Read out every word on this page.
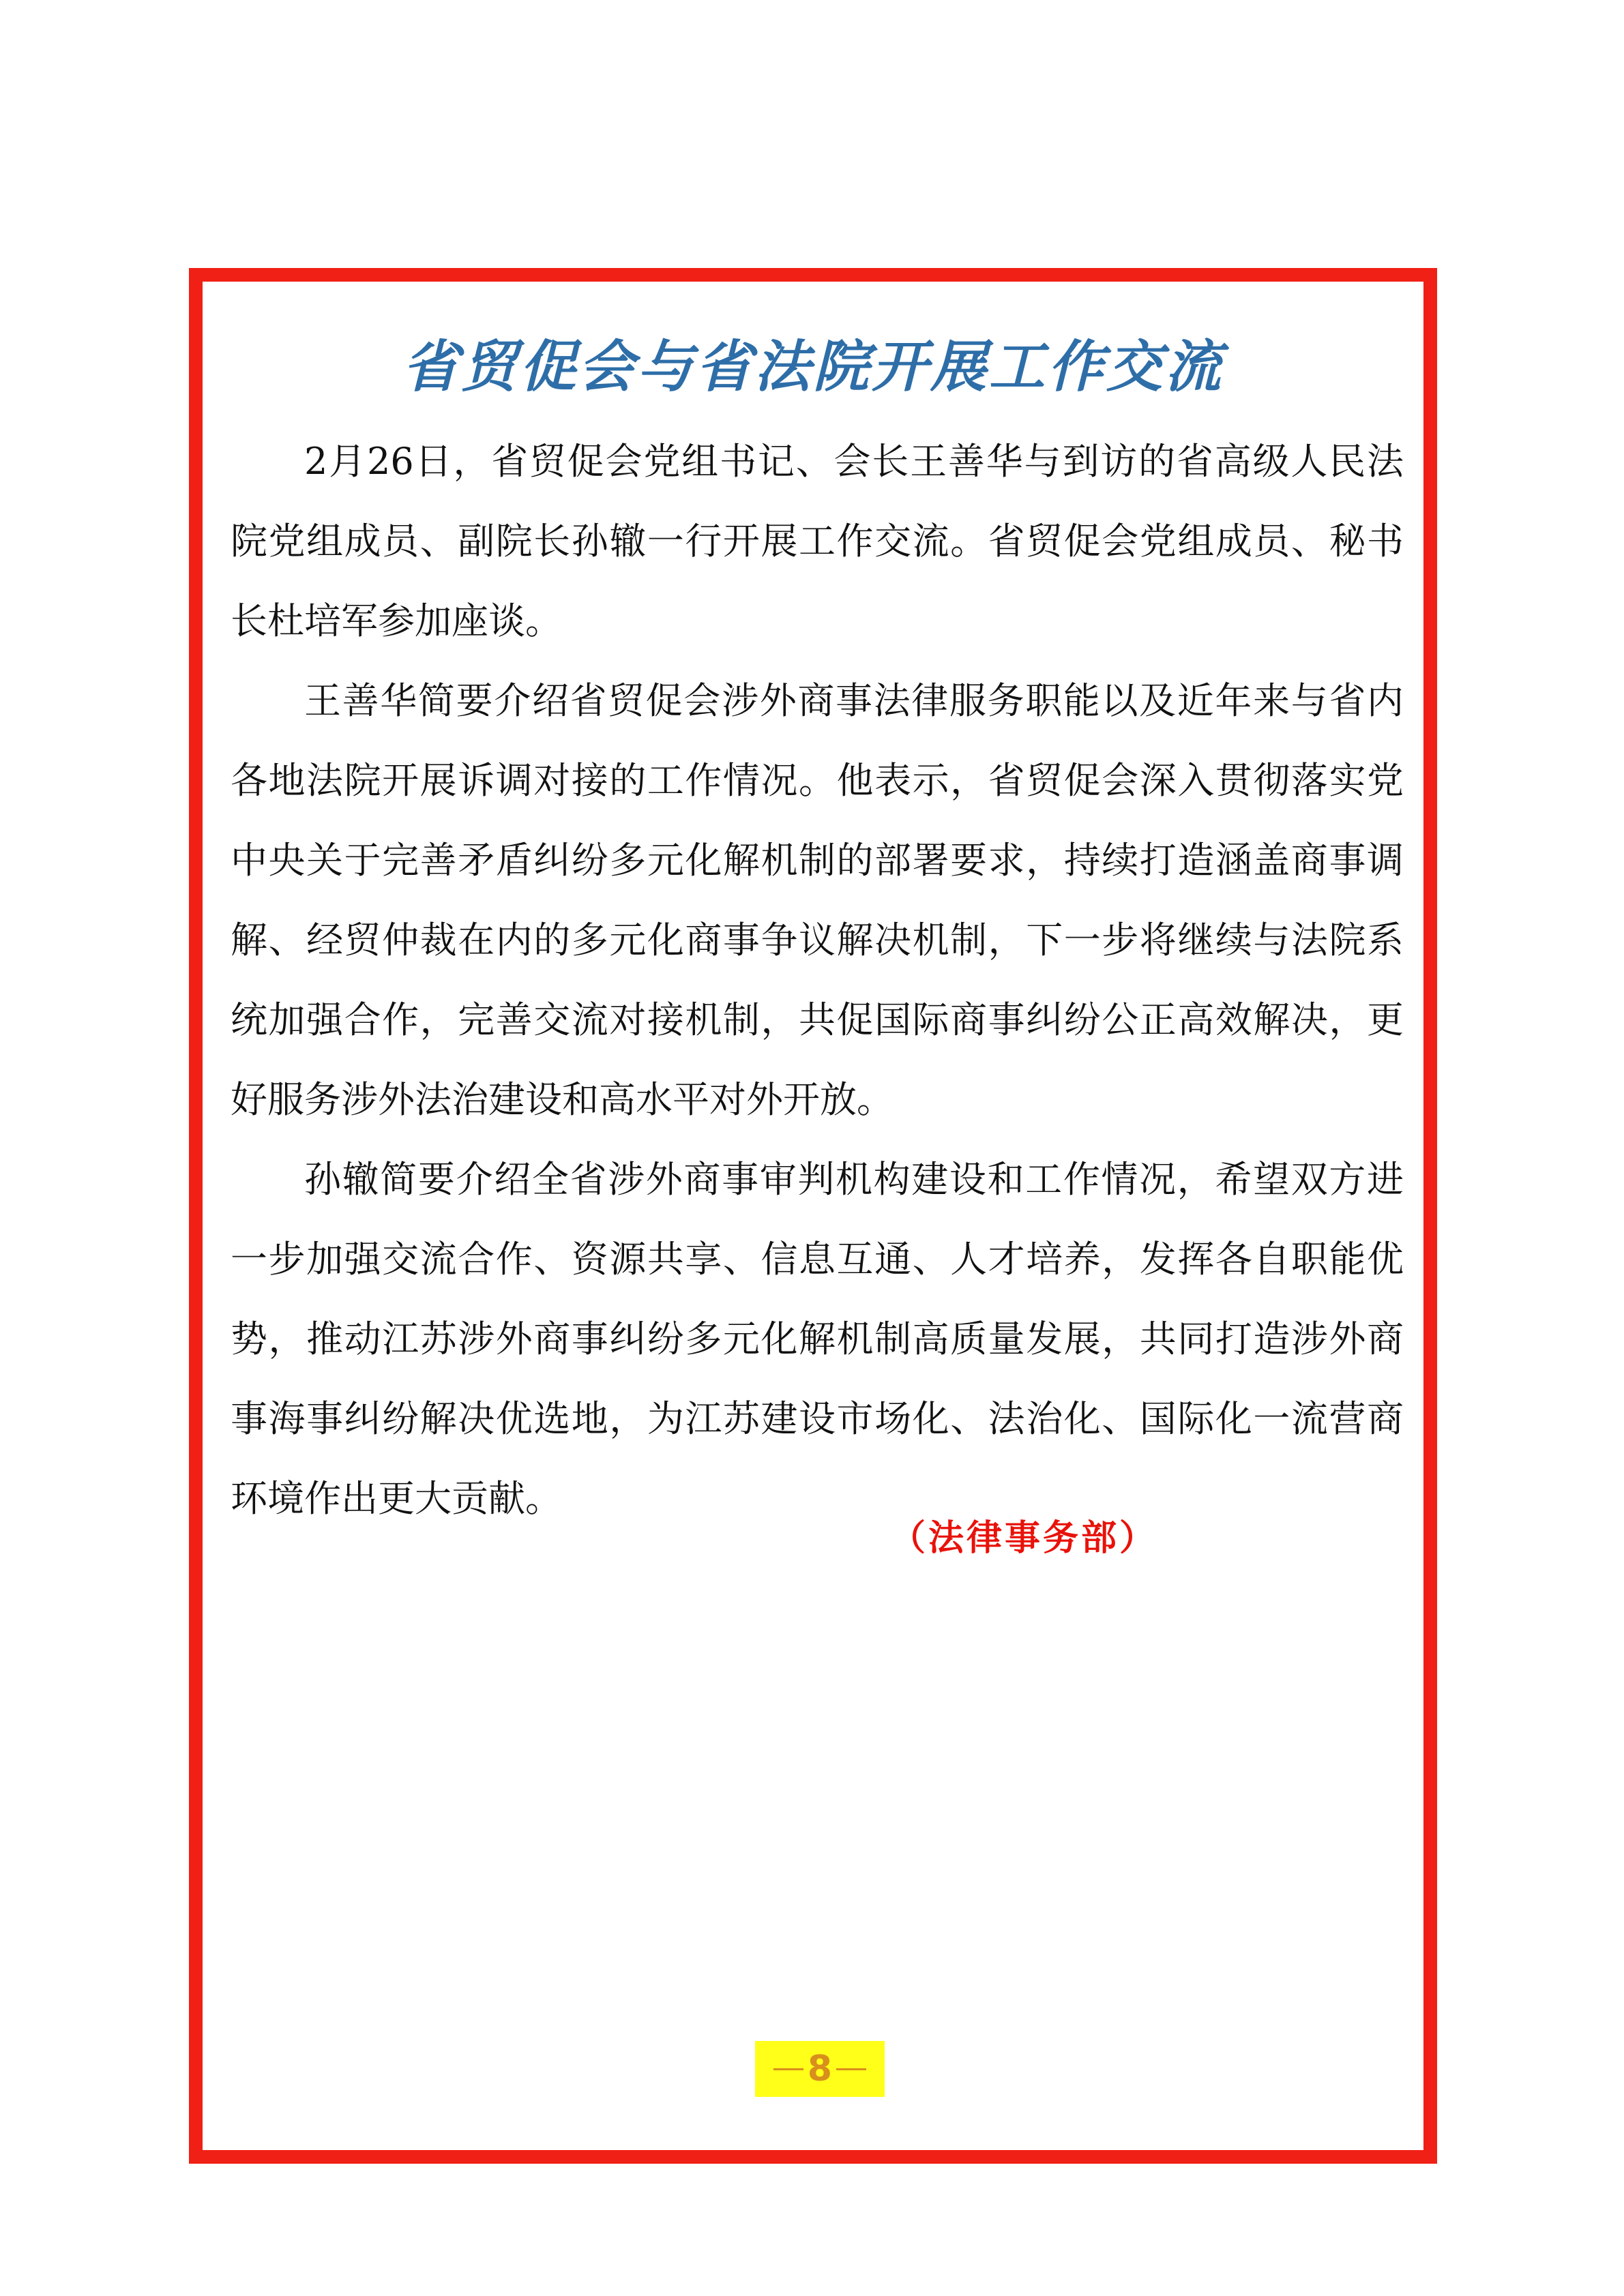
省贸促会与省法院开展工作交流

2月26日，省贸促会党组书记、会长王善华与到访的省高级人民法院党组成员、副院长孙辙一行开展工作交流。省贸促会党组成员、秘书长杜培军参加座谈。

王善华简要介绍省贸促会涉外商事法律服务职能以及近年来与省内各地法院开展诉调对接的工作情况。他表示，省贸促会深入贯彻落实党中央关于完善矛盾纠纷多元化解机制的部署要求，持续打造涵盖商事调解、经贸仲裁在内的多元化商事争议解决机制，下一步将继续与法院系统加强合作，完善交流对接机制，共促国际商事纠纷公正高效解决，更好服务涉外法治建设和高水平对外开放。

孙辙简要介绍全省涉外商事审判机构建设和工作情况，希望双方进一步加强交流合作、资源共享、信息互通、人才培养，发挥各自职能优势，推动江苏涉外商事纠纷多元化解机制高质量发展，共同打造涉外商事海事纠纷解决优选地，为江苏建设市场化、法治化、国际化一流营商环境作出更大贡献。

（法律事务部）
8
